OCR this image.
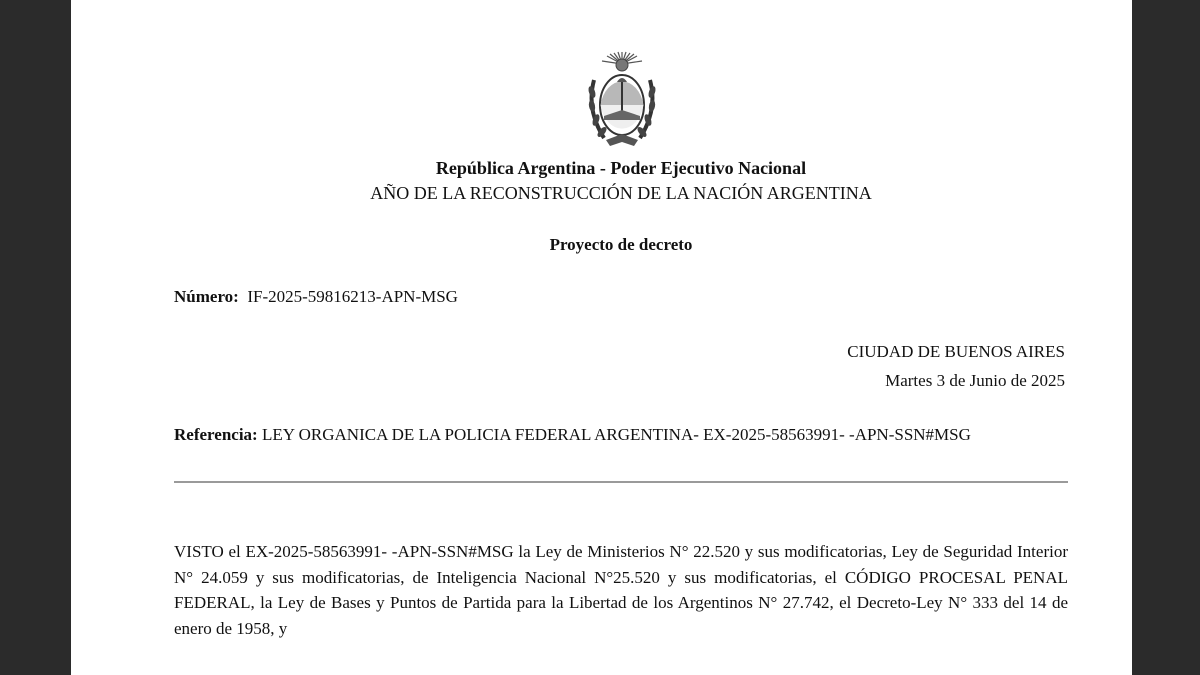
República Argentina - Poder Ejecutivo Nacional
AÑO DE LA RECONSTRUCCIÓN DE LA NACIÓN ARGENTINA
Proyecto de decreto
Número: IF-2025-59816213-APN-MSG
CIUDAD DE BUENOS AIRES
Martes 3 de Junio de 2025
Referencia: LEY ORGANICA DE LA POLICIA FEDERAL ARGENTINA- EX-2025-58563991- -APN-SSN#MSG
VISTO el EX-2025-58563991- -APN-SSN#MSG la Ley de Ministerios N° 22.520 y sus modificatorias, Ley de Seguridad Interior N° 24.059 y sus modificatorias, de Inteligencia Nacional N°25.520 y sus modificatorias, el CÓDIGO PROCESAL PENAL FEDERAL, la Ley de Bases y Puntos de Partida para la Libertad de los Argentinos N° 27.742, el Decreto-Ley N° 333 del 14 de enero de 1958, y
